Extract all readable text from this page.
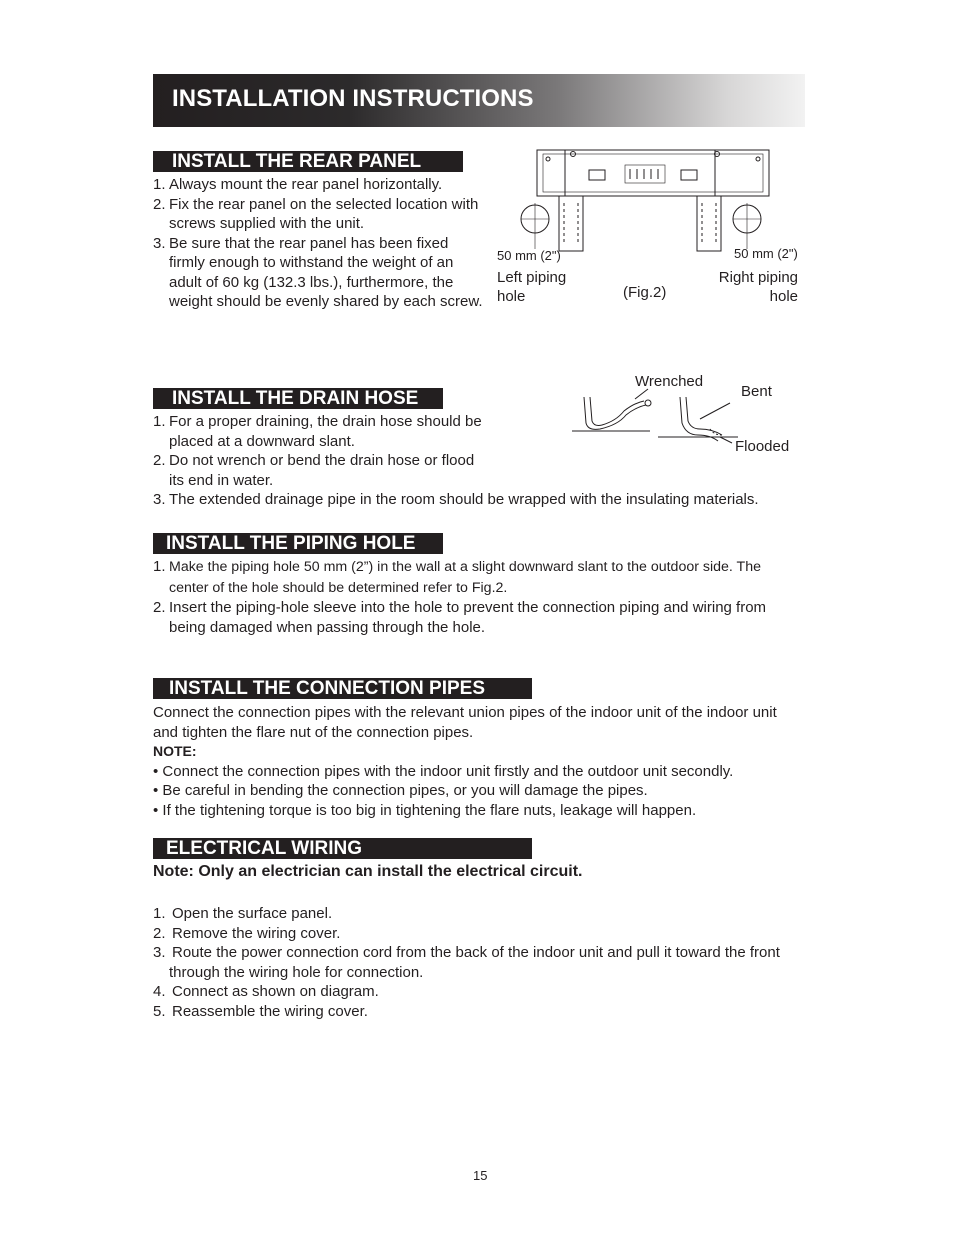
INSTALLATION INSTRUCTIONS
INSTALL THE REAR PANEL
1. Always mount the rear panel horizontally.
2. Fix the rear panel on the selected location with screws supplied with the unit.
3. Be sure that the rear panel has been fixed firmly enough to withstand the weight of an adult of 60 kg (132.3 lbs.), furthermore, the weight should be evenly shared by each screw.
50 mm (2")	50 mm (2")
Left piping hole
Right piping hole
(Fig.2)
INSTALL THE DRAIN HOSE
1. For a proper draining, the drain hose should be placed at a downward slant.
2. Do not wrench or bend the drain hose or flood its end in water.
3. The extended drainage pipe in the room should be wrapped with the insulating materials.
Wrenched
Bent
Flooded
INSTALL THE PIPING HOLE
1. Make the piping hole 50 mm (2”) in the wall at a slight downward slant to the outdoor side. The center of the hole should be determined refer to Fig.2.
2. Insert the piping-hole sleeve into the hole to prevent the connection piping and wiring from being damaged when passing through the hole.
INSTALL THE CONNECTION PIPES
Connect the connection pipes with the relevant union pipes of the indoor unit of the indoor unit and tighten the flare nut of the connection pipes.
NOTE:
• Connect the connection pipes with the indoor unit firstly and the outdoor unit secondly.
• Be careful in bending the connection pipes, or you will damage the pipes.
• If the tightening torque is too big in tightening the flare nuts, leakage will happen.
ELECTRICAL WIRING
Note: Only an electrician can install the electrical circuit.
1. Open the surface panel.
2. Remove the wiring cover.
3. Route the power connection cord from the back of the indoor unit and pull it toward the front through the wiring hole for connection.
4. Connect as shown on diagram.
5. Reassemble the wiring cover.
15
